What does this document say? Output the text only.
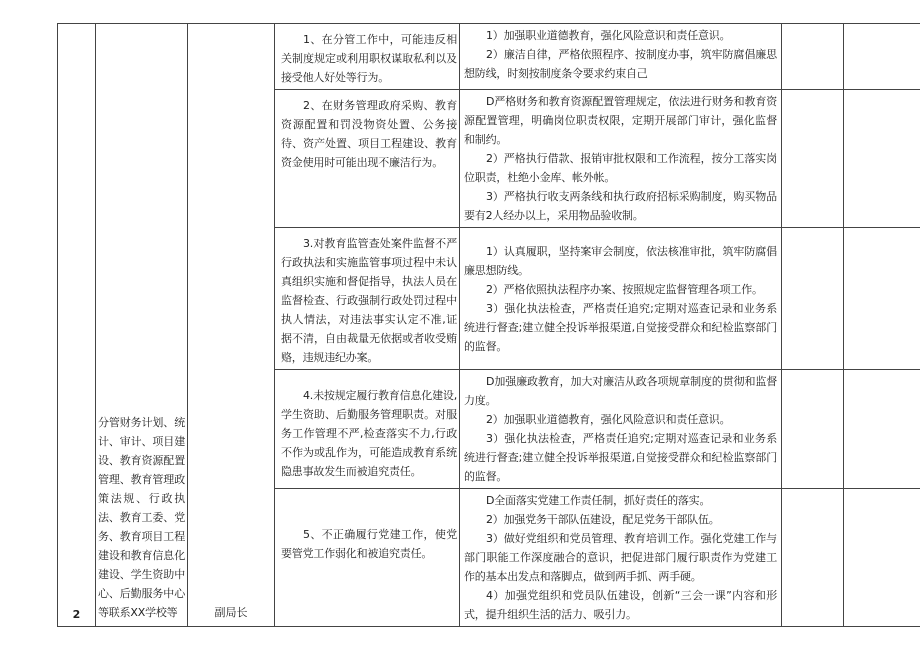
2	分管财务计划、统计、审计、项目建设、教育资源配置管理、教育管理政策法规、行政执法、教育工委、党务、教育项目工程建设和教育信息化建设、学生资助中心、后勤服务中心等联系XX学校等	副局长	1、在分管工作中，可能违反相关制度规定或利用职权谋取私利以及接受他人好处等行为。	1）加强职业道德教育，强化风险意识和责任意识。

2）廉洁自律，严格依照程序、按制度办事，筑牢防腐倡廉思想防线，时刻按制度条令要求约束自己		

			2、在财务管理政府采购、教育资源配置和罚没物资处置、公务接待、资产处置、项目工程建设、教育资金使用时可能出现不廉洁行为。	D严格财务和教育资源配置管理规定，依法进行财务和教育资源配置管理，明确岗位职责权限，定期开展部门审计，强化监督和制约。

2）严格执行借款、报销审批权限和工作流程，按分工落实岗位职责，杜绝小金库、帐外帐。

3）严格执行收支两条线和执行政府招标采购制度，购买物品要有2人经办以上，采用物品验收制。		

			3.对教育监管查处案件监督不严行政执法和实施监管事项过程中未认真组织实施和督促指导，执法人员在监督检查、行政强制行政处罚过程中执人情法，对违法事实认定不准,证据不清，自由裁量无依据或者收受贿赂，违规违纪办案。	1）认真履职，坚持案审会制度，依法核准审批，筑牢防腐倡廉思想防线。

2）严格依照执法程序办案、按照规定监督管理各项工作。

3）强化执法检查，严格责任追究;定期对巡查记录和业务系统进行督查;建立健全投诉举报渠道,自觉接受群众和纪检监察部门的监督。		

			4.未按规定履行教育信息化建设,学生资助、后勤服务管理职责。对服务工作管理不严,检查落实不力,行政不作为或乱作为，可能造成教育系统隐患事故发生而被追究责任。	D加强廉政教育，加大对廉洁从政各项规章制度的贯彻和监督力度。

2）加强职业道德教育，强化风险意识和责任意识。

3）强化执法检查，严格责任追究;定期对巡查记录和业务系统进行督查;建立健全投诉举报渠道,自觉接受群众和纪检监察部门的监督。		

			5、不正确履行党建工作，使党要管党工作弱化和被追究责任。	D全面落实党建工作责任制，抓好责任的落实。

2）加强党务干部队伍建设，配足党务干部队伍。

3）做好党组织和党员管理、教育培训工作。强化党建工作与部门职能工作深度融合的意识，把促进部门履行职责作为党建工作的基本出发点和落脚点，做到两手抓、两手硬。

4）加强党组织和党员队伍建设，创新“三会一课”内容和形式，提升组织生活的活力、吸引力。		
